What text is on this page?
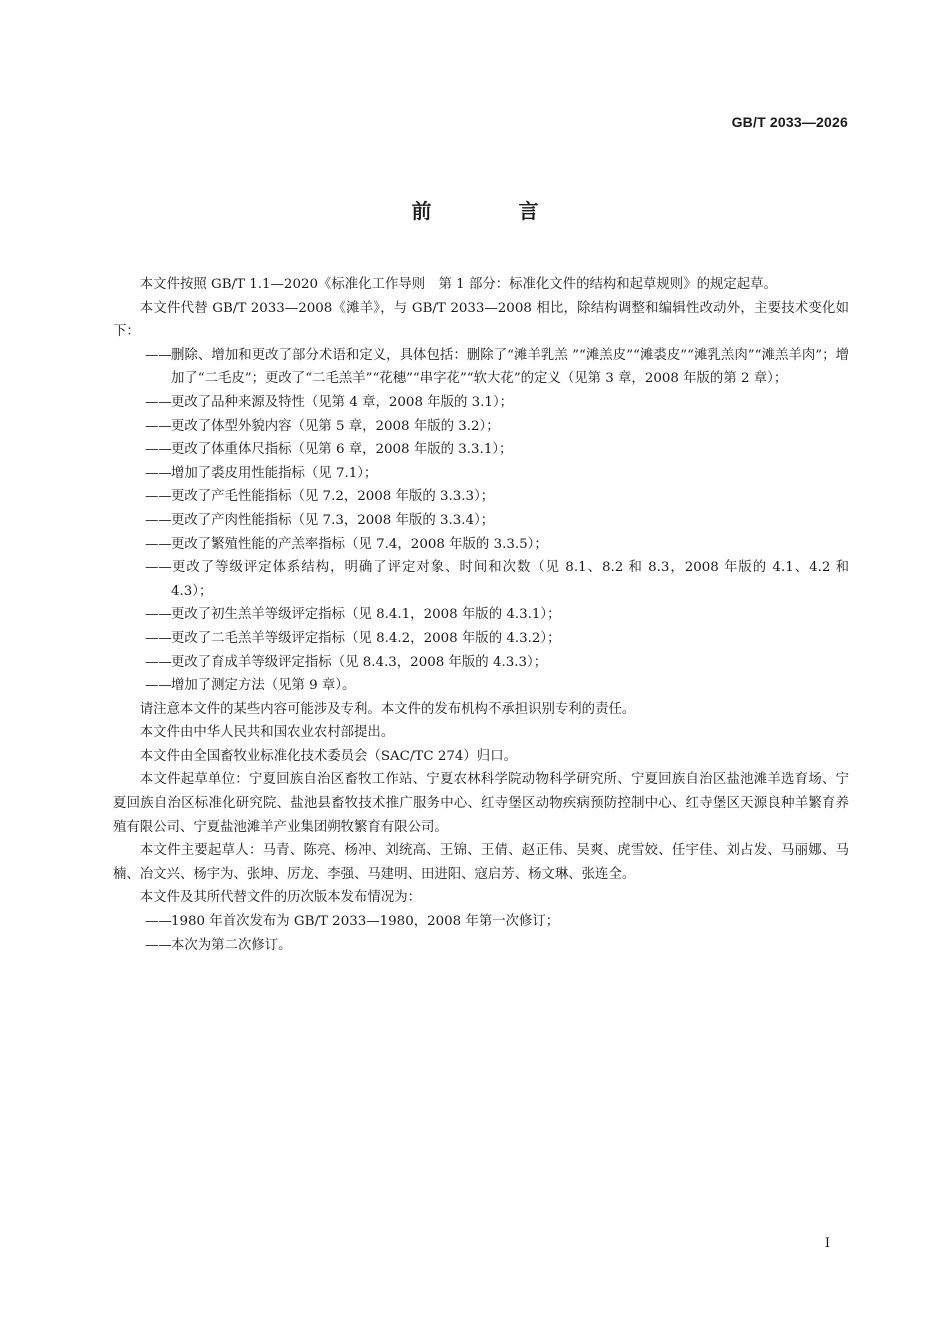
GB/T 2033—2026
前 言

本文件按照 GB/T 1.1—2020《标准化工作导则　第 1 部分：标准化文件的结构和起草规则》的规定起草。

本文件代替 GB/T 2033—2008《滩羊》，与 GB/T 2033—2008 相比，除结构调整和编辑性改动外，主要技术变化如下：

——删除、增加和更改了部分术语和定义，具体包括：删除了“滩羊乳羔 ”“滩羔皮”“滩裘皮”“滩乳羔肉”“滩羔羊肉”；增加了“二毛皮”；更改了“二毛羔羊”“花穗”“串字花”“软大花”的定义（见第 3 章，2008 年版的第 2 章）；

——更改了品种来源及特性（见第 4 章，2008 年版的 3.1）；

——更改了体型外貌内容（见第 5 章，2008 年版的 3.2）；

——更改了体重体尺指标（见第 6 章，2008 年版的 3.3.1）；

——增加了裘皮用性能指标（见 7.1）；

——更改了产毛性能指标（见 7.2，2008 年版的 3.3.3）；

——更改了产肉性能指标（见 7.3，2008 年版的 3.3.4）；

——更改了繁殖性能的产羔率指标（见 7.4，2008 年版的 3.3.5）；

——更改了等级评定体系结构，明确了评定对象、时间和次数（见 8.1、8.2 和 8.3，2008 年版的 4.1、4.2 和 4.3）；

——更改了初生羔羊等级评定指标（见 8.4.1，2008 年版的 4.3.1）；

——更改了二毛羔羊等级评定指标（见 8.4.2，2008 年版的 4.3.2）；

——更改了育成羊等级评定指标（见 8.4.3，2008 年版的 4.3.3）；

——增加了测定方法（见第 9 章）。

请注意本文件的某些内容可能涉及专利。本文件的发布机构不承担识别专利的责任。

本文件由中华人民共和国农业农村部提出。

本文件由全国畜牧业标准化技术委员会（SAC/TC 274）归口。

本文件起草单位：宁夏回族自治区畜牧工作站、宁夏农林科学院动物科学研究所、宁夏回族自治区盐池滩羊选育场、宁夏回族自治区标准化研究院、盐池县畜牧技术推广服务中心、红寺堡区动物疾病预防控制中心、红寺堡区天源良种羊繁育养殖有限公司、宁夏盐池滩羊产业集团朔牧繁育有限公司。

本文件主要起草人：马青、陈亮、杨冲、刘统高、王锦、王倩、赵正伟、吴爽、虎雪姣、任宇佳、刘占发、马丽娜、马楠、冶文兴、杨宇为、张坤、厉龙、李强、马建明、田进阳、寇启芳、杨文琳、张连全。

本文件及其所代替文件的历次版本发布情况为：

——1980 年首次发布为 GB/T 2033—1980，2008 年第一次修订；

——本次为第二次修订。

I
